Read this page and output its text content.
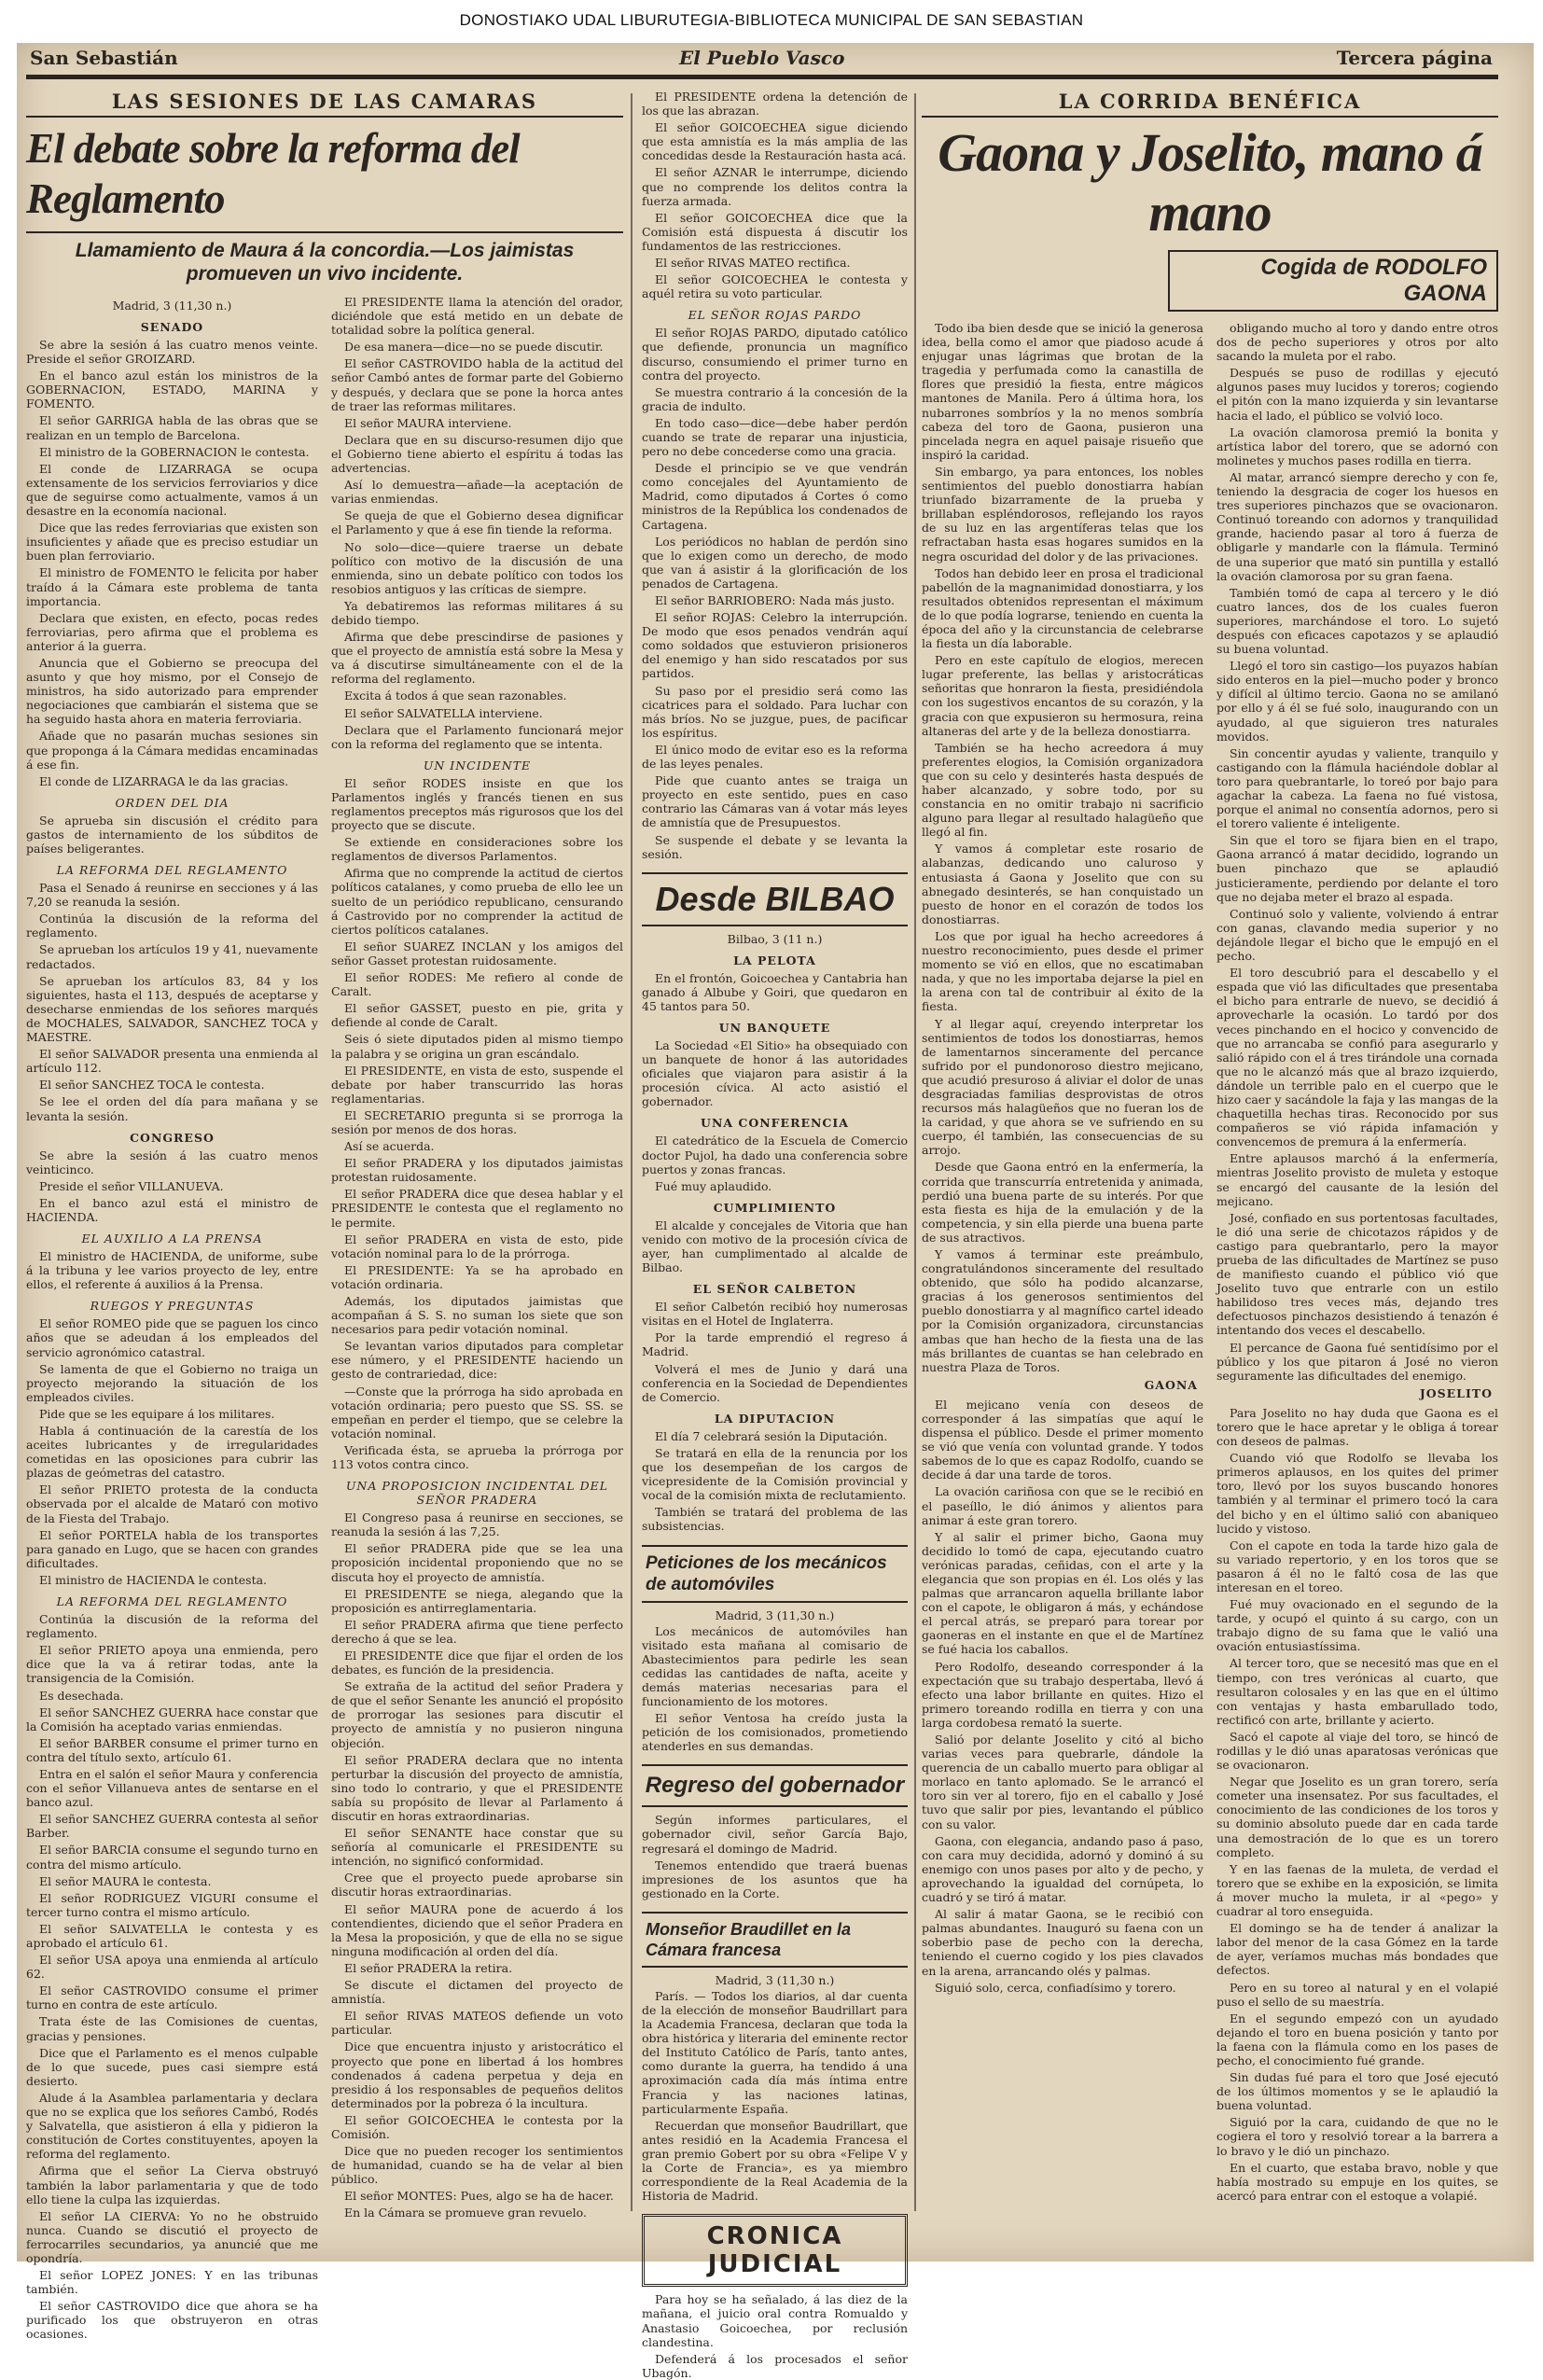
DONOSTIAKO UDAL LIBURUTEGIA-BIBLIOTECA MUNICIPAL DE SAN SEBASTIAN
San Sebastián	El Pueblo Vasco	Tercera página
LAS SESIONES DE LAS CAMARAS
El debate sobre la reforma del Reglamento
Llamamiento de Maura á la concordia.—Los jaimistas promueven un vivo incidente.
Madrid, 3 (11,30 n.)
SENADO

Se abre la sesión á las cuatro menos veinte. Preside el señor GROIZARD.

En el banco azul están los ministros de la GOBERNACION, ESTADO, MARINA y FOMENTO.

El señor GARRIGA habla de las obras que se realizan en un templo de Barcelona.

El ministro de la GOBERNACION le contesta.

El conde de LIZARRAGA se ocupa extensamente de los servicios ferroviarios y dice que de seguirse como actualmente, vamos á un desastre en la economía nacional.

Dice que las redes ferroviarias que existen son insuficientes y añade que es preciso estudiar un buen plan ferroviario.

El ministro de FOMENTO le felicita por haber traído á la Cámara este problema de tanta importancia.

Declara que existen, en efecto, pocas redes ferroviarias, pero afirma que el problema es anterior á la guerra.

Anuncia que el Gobierno se preocupa del asunto y que hoy mismo, por el Consejo de ministros, ha sido autorizado para emprender negociaciones que cambiarán el sistema que se ha seguido hasta ahora en materia ferroviaria.

Añade que no pasarán muchas sesiones sin que proponga á la Cámara medidas encaminadas á ese fin.

El conde de LIZARRAGA le da las gracias.

ORDEN DEL DIA

Se aprueba sin discusión el crédito para gastos de internamiento de los súbditos de países beligerantes.

LA REFORMA DEL REGLAMENTO

Pasa el Senado á reunirse en secciones y á las 7,20 se reanuda la sesión.

Continúa la discusión de la reforma del reglamento.

Se aprueban los artículos 19 y 41, nuevamente redactados.

Se aprueban los artículos 83, 84 y los siguientes, hasta el 113, después de aceptarse y desecharse enmiendas de los señores marqués de MOCHALES, SALVADOR, SANCHEZ TOCA y MAESTRE.

El señor SALVADOR presenta una enmienda al artículo 112.

El señor SANCHEZ TOCA le contesta.

Se lee el orden del día para mañana y se levanta la sesión.

CONGRESO

Se abre la sesión á las cuatro menos veinticinco.

Preside el señor VILLANUEVA.

En el banco azul está el ministro de HACIENDA.

EL AUXILIO A LA PRENSA

El ministro de HACIENDA, de uniforme, sube á la tribuna y lee varios proyecto de ley, entre ellos, el referente á auxilios á la Prensa.

RUEGOS Y PREGUNTAS

El señor ROMEO pide que se paguen los cinco años que se adeudan á los empleados del servicio agronómico catastral.

Se lamenta de que el Gobierno no traiga un proyecto mejorando la situación de los empleados civiles.

Pide que se les equipare á los militares.

Habla á continuación de la carestía de los aceites lubricantes y de irregularidades cometidas en las oposiciones para cubrir las plazas de geómetras del catastro.

El señor PRIETO protesta de la conducta observada por el alcalde de Mataró con motivo de la Fiesta del Trabajo.

El señor PORTELA habla de los transportes para ganado en Lugo, que se hacen con grandes dificultades.

El ministro de HACIENDA le contesta.

LA REFORMA DEL REGLAMENTO

Continúa la discusión de la reforma del reglamento.

El señor PRIETO apoya una enmienda, pero dice que la va á retirar todas, ante la transigencia de la Comisión.

Es desechada.

El señor SANCHEZ GUERRA hace constar que la Comisión ha aceptado varias enmiendas.

El señor BARBER consume el primer turno en contra del título sexto, artículo 61.

Entra en el salón el señor Maura y conferencia con el señor Villanueva antes de sentarse en el banco azul.

El señor SANCHEZ GUERRA contesta al señor Barber.

El señor BARCIA consume el segundo turno en contra del mismo artículo.

El señor MAURA le contesta.

El señor RODRIGUEZ VIGURI consume el tercer turno contra el mismo artículo.

El señor SALVATELLA le contesta y es aprobado el artículo 61.

El señor USA apoya una enmienda al artículo 62.

El señor CASTROVIDO consume el primer turno en contra de este artículo.

Trata éste de las Comisiones de cuentas, gracias y pensiones.

Dice que el Parlamento es el menos culpable de lo que sucede, pues casi siempre está desierto.

Alude á la Asamblea parlamentaria y declara que no se explica que los señores Cambó, Rodés y Salvatella, que asistieron á ella y pidieron la constitución de Cortes constituyentes, apoyen la reforma del reglamento.

Afirma que el señor La Cierva obstruyó también la labor parlamentaria y que de todo ello tiene la culpa las izquierdas.

El señor LA CIERVA: Yo no he obstruido nunca. Cuando se discutió el proyecto de ferrocarriles secundarios, ya anuncié que me opondría.

El señor LOPEZ JONES: Y en las tribunas también.

El señor CASTROVIDO dice que ahora se ha purificado los que obstruyeron en otras ocasiones.

El PRESIDENTE llama la atención del orador, diciéndole que está metido en un debate de totalidad sobre la política general.

De esa manera—dice—no se puede discutir.

El señor CASTROVIDO habla de la actitud del señor Cambó antes de formar parte del Gobierno y después, y declara que se pone la horca antes de traer las reformas militares.

El señor MAURA interviene.

Declara que en su discurso-resumen dijo que el Gobierno tiene abierto el espíritu á todas las advertencias.

Así lo demuestra—añade—la aceptación de varias enmiendas.

Se queja de que el Gobierno desea dignificar el Parlamento y que á ese fin tiende la reforma.

No solo—dice—quiere traerse un debate político con motivo de la discusión de una enmienda, sino un debate político con todos los resobios antiguos y las críticas de siempre.

Ya debatiremos las reformas militares á su debido tiempo.

Afirma que debe prescindirse de pasiones y que el proyecto de amnistía está sobre la Mesa y va á discutirse simultáneamente con el de la reforma del reglamento.

Excita á todos á que sean razonables.

El señor SALVATELLA interviene.

Declara que el Parlamento funcionará mejor con la reforma del reglamento que se intenta.

UN INCIDENTE

El señor RODES insiste en que los Parlamentos inglés y francés tienen en sus reglamentos preceptos más rigurosos que los del proyecto que se discute.

Se extiende en consideraciones sobre los reglamentos de diversos Parlamentos.

Afirma que no comprende la actitud de ciertos políticos catalanes, y como prueba de ello lee un suelto de un periódico republicano, censurando á Castrovido por no comprender la actitud de ciertos políticos catalanes.

El señor SUAREZ INCLAN y los amigos del señor Gasset protestan ruidosamente.

El señor RODES: Me refiero al conde de Caralt.

El señor GASSET, puesto en pie, grita y defiende al conde de Caralt.

Seis ó siete diputados piden al mismo tiempo la palabra y se origina un gran escándalo.

El PRESIDENTE, en vista de esto, suspende el debate por haber transcurrido las horas reglamentarias.

El SECRETARIO pregunta si se prorroga la sesión por menos de dos horas.

Así se acuerda.

El señor PRADERA y los diputados jaimistas protestan ruidosamente.

El señor PRADERA dice que desea hablar y el PRESIDENTE le contesta que el reglamento no le permite.

El señor PRADERA en vista de esto, pide votación nominal para lo de la prórroga.

El PRESIDENTE: Ya se ha aprobado en votación ordinaria.

Además, los diputados jaimistas que acompañan á S. S. no suman los siete que son necesarios para pedir votación nominal.

Se levantan varios diputados para completar ese número, y el PRESIDENTE haciendo un gesto de contrariedad, dice:

—Conste que la prórroga ha sido aprobada en votación ordinaria; pero puesto que SS. SS. se empeñan en perder el tiempo, que se celebre la votación nominal.

Verificada ésta, se aprueba la prórroga por 113 votos contra cinco.

UNA PROPOSICION INCIDENTAL DEL SEÑOR PRADERA

El Congreso pasa á reunirse en secciones, se reanuda la sesión á las 7,25.

El señor PRADERA pide que se lea una proposición incidental proponiendo que no se discuta hoy el proyecto de amnistía.

El PRESIDENTE se niega, alegando que la proposición es antirreglamentaria.

El señor PRADERA afirma que tiene perfecto derecho á que se lea.

El PRESIDENTE dice que fijar el orden de los debates, es función de la presidencia.

Se extraña de la actitud del señor Pradera y de que el señor Senante les anunció el propósito de prorrogar las sesiones para discutir el proyecto de amnistía y no pusieron ninguna objeción.

El señor PRADERA declara que no intenta perturbar la discusión del proyecto de amnistía, sino todo lo contrario, y que el PRESIDENTE sabía su propósito de llevar al Parlamento á discutir en horas extraordinarias.

El señor SENANTE hace constar que su señoría al comunicarle el PRESIDENTE su intención, no significó conformidad.

Cree que el proyecto puede aprobarse sin discutir horas extraordinarias.

El señor MAURA pone de acuerdo á los contendientes, diciendo que el señor Pradera en la Mesa la proposición, y que de ella no se sigue ninguna modificación al orden del día.

El señor PRADERA la retira.

Se discute el dictamen del proyecto de amnistía.

El señor RIVAS MATEOS defiende un voto particular.

Dice que encuentra injusto y aristocrático el proyecto que pone en libertad á los hombres condenados á cadena perpetua y deja en presidio á los responsables de pequeños delitos determinados por la pobreza ó la incultura.

El señor GOICOECHEA le contesta por la Comisión.

Dice que no pueden recoger los sentimientos de humanidad, cuando se ha de velar al bien público.

El señor MONTES: Pues, algo se ha de hacer.

En la Cámara se promueve gran revuelo.

El PRESIDENTE ordena la detención de los que las abrazan.

El señor GOICOECHEA sigue diciendo que esta amnistía es la más amplia de las concedidas desde la Restauración hasta acá.

El señor AZNAR le interrumpe, diciendo que no comprende los delitos contra la fuerza armada.

El señor GOICOECHEA dice que la Comisión está dispuesta á discutir los fundamentos de las restricciones.

El señor RIVAS MATEO rectifica.

El señor GOICOECHEA le contesta y aquél retira su voto particular.

EL SEÑOR ROJAS PARDO

El señor ROJAS PARDO, diputado católico que defiende, pronuncia un magnífico discurso, consumiendo el primer turno en contra del proyecto.

Se muestra contrario á la concesión de la gracia de indulto.

En todo caso—dice—debe haber perdón cuando se trate de reparar una injusticia, pero no debe concederse como una gracia.

Desde el principio se ve que vendrán como concejales del Ayuntamiento de Madrid, como diputados á Cortes ó como ministros de la República los condenados de Cartagena.

Los periódicos no hablan de perdón sino que lo exigen como un derecho, de modo que van á asistir á la glorificación de los penados de Cartagena.

El señor BARRIOBERO: Nada más justo.

El señor ROJAS: Celebro la interrupción. De modo que esos penados vendrán aquí como soldados que estuvieron prisioneros del enemigo y han sido rescatados por sus partidos.

Su paso por el presidio será como las cicatrices para el soldado. Para luchar con más bríos. No se juzgue, pues, de pacificar los espíritus.

El único modo de evitar eso es la reforma de las leyes penales.

Pide que cuanto antes se traiga un proyecto en este sentido, pues en caso contrario las Cámaras van á votar más leyes de amnistía que de Presupuestos.

Se suspende el debate y se levanta la sesión.

Desde BILBAO
Bilbao, 3 (11 n.)
LA PELOTA

En el frontón, Goicoechea y Cantabria han ganado á Albube y Goiri, que quedaron en 45 tantos para 50.

UN BANQUETE

La Sociedad «El Sitio» ha obsequiado con un banquete de honor á las autoridades oficiales que viajaron para asistir á la procesión cívica. Al acto asistió el gobernador.

UNA CONFERENCIA

El catedrático de la Escuela de Comercio doctor Pujol, ha dado una conferencia sobre puertos y zonas francas.

Fué muy aplaudido.

CUMPLIMIENTO

El alcalde y concejales de Vitoria que han venido con motivo de la procesión cívica de ayer, han cumplimentado al alcalde de Bilbao.

EL SEÑOR CALBETON

El señor Calbetón recibió hoy numerosas visitas en el Hotel de Inglaterra.

Por la tarde emprendió el regreso á Madrid.

Volverá el mes de Junio y dará una conferencia en la Sociedad de Dependientes de Comercio.

LA DIPUTACION

El día 7 celebrará sesión la Diputación.

Se tratará en ella de la renuncia por los que los desempeñan de los cargos de vicepresidente de la Comisión provincial y vocal de la comisión mixta de reclutamiento.

También se tratará del problema de las subsistencias.

Peticiones de los mecánicos de automóviles
Madrid, 3 (11,30 n.)

Los mecánicos de automóviles han visitado esta mañana al comisario de Abastecimientos para pedirle les sean cedidas las cantidades de nafta, aceite y demás materias necesarias para el funcionamiento de los motores.

El señor Ventosa ha creído justa la petición de los comisionados, prometiendo atenderles en sus demandas.

Regreso del gobernador

Según informes particulares, el gobernador civil, señor García Bajo, regresará el domingo de Madrid.

Tenemos entendido que traerá buenas impresiones de los asuntos que ha gestionado en la Corte.

Monseñor Braudillet en la Cámara francesa
Madrid, 3 (11,30 n.)

París. — Todos los diarios, al dar cuenta de la elección de monseñor Baudrillart para la Academia Francesa, declaran que toda la obra histórica y literaria del eminente rector del Instituto Católico de París, tanto antes, como durante la guerra, ha tendido á una aproximación cada día más íntima entre Francia y las naciones latinas, particularmente España.

Recuerdan que monseñor Baudrillart, que antes residió en la Academia Francesa el gran premio Gobert por su obra «Felipe V y la Corte de Francia», es ya miembro correspondiente de la Real Academia de la Historia de Madrid.

CRONICA JUDICIAL

Para hoy se ha señalado, á las diez de la mañana, el juicio oral contra Romualdo y Anastasio Goicoechea, por reclusión clandestina.

Defenderá á los procesados el señor Ubagón.

LA CORRIDA BENÉFICA
Gaona y Joselito, mano á mano
Cogida de RODOLFO GAONA

Todo iba bien desde que se inició la generosa idea, bella como el amor que piadoso acude á enjugar unas lágrimas que brotan de la tragedia y perfumada como la canastilla de flores que presidió la fiesta, entre mágicos mantones de Manila. Pero á última hora, los nubarrones sombríos y la no menos sombría cabeza del toro de Gaona, pusieron una pincelada negra en aquel paisaje risueño que inspiró la caridad.

Sin embargo, ya para entonces, los nobles sentimientos del pueblo donostiarra habían triunfado bizarramente de la prueba y brillaban espléndorosos, reflejando los rayos de su luz en las argentíferas telas que los refractaban hasta esas hogares sumidos en la negra oscuridad del dolor y de las privaciones.

Todos han debido leer en prosa el tradicional pabellón de la magnanimidad donostiarra, y los resultados obtenidos representan el máximum de lo que podía lograrse, teniendo en cuenta la época del año y la circunstancia de celebrarse la fiesta un día laborable.

Pero en este capítulo de elogios, merecen lugar preferente, las bellas y aristocráticas señoritas que honraron la fiesta, presidiéndola con los sugestivos encantos de su corazón, y la gracia con que expusieron su hermosura, reina altaneras del arte y de la belleza donostiarra.

También se ha hecho acreedora á muy preferentes elogios, la Comisión organizadora que con su celo y desinterés hasta después de haber alcanzado, y sobre todo, por su constancia en no omitir trabajo ni sacrificio alguno para llegar al resultado halagüeño que llegó al fin.

Y vamos á completar este rosario de alabanzas, dedicando uno caluroso y entusiasta á Gaona y Joselito que con su abnegado desinterés, se han conquistado un puesto de honor en el corazón de todos los donostiarras.

Los que por igual ha hecho acreedores á nuestro reconocimiento, pues desde el primer momento se vió en ellos, que no escatimaban nada, y que no les importaba dejarse la piel en la arena con tal de contribuir al éxito de la fiesta.

Y al llegar aquí, creyendo interpretar los sentimientos de todos los donostiarras, hemos de lamentarnos sinceramente del percance sufrido por el pundonoroso diestro mejicano, que acudió presuroso á aliviar el dolor de unas desgraciadas familias desprovistas de otros recursos más halagüeños que no fueran los de la caridad, y que ahora se ve sufriendo en su cuerpo, él también, las consecuencias de su arrojo.

Desde que Gaona entró en la enfermería, la corrida que transcurría entretenida y animada, perdió una buena parte de su interés. Por que esta fiesta es hija de la emulación y de la competencia, y sin ella pierde una buena parte de sus atractivos.

Y vamos á terminar este preámbulo, congratulándonos sinceramente del resultado obtenido, que sólo ha podido alcanzarse, gracias á los generosos sentimientos del pueblo donostiarra y al magnífico cartel ideado por la Comisión organizadora, circunstancias ambas que han hecho de la fiesta una de las más brillantes de cuantas se han celebrado en nuestra Plaza de Toros.

GAONA

El mejicano venía con deseos de corresponder á las simpatías que aquí le dispensa el público. Desde el primer momento se vió que venía con voluntad grande. Y todos sabemos de lo que es capaz Rodolfo, cuando se decide á dar una tarde de toros.

La ovación cariñosa con que se le recibió en el paseíllo, le dió ánimos y alientos para animar á este gran torero.

Y al salir el primer bicho, Gaona muy decidido lo tomó de capa, ejecutando cuatro verónicas paradas, ceñidas, con el arte y la elegancia que son propias en él. Los olés y las palmas que arrancaron aquella brillante labor con el capote, le obligaron á más, y echándose el percal atrás, se preparó para torear por gaoneras en el instante en que el de Martínez se fué hacia los caballos.

Pero Rodolfo, deseando corresponder á la expectación que su trabajo despertaba, llevó á efecto una labor brillante en quites. Hizo el primero toreando rodilla en tierra y con una larga cordobesa remató la suerte.

Salió por delante Joselito y citó al bicho varias veces para quebrarle, dándole la querencia de un caballo muerto para obligar al morlaco en tanto aplomado. Se le arrancó el toro sin ver al torero, fijo en el caballo y José tuvo que salir por pies, levantando el público con su valor.

Gaona, con elegancia, andando paso á paso, con cara muy decidida, adornó y dominó á su enemigo con unos pases por alto y de pecho, y aprovechando la igualdad del cornúpeta, lo cuadró y se tiró á matar.

Al salir á matar Gaona, se le recibió con palmas abundantes. Inauguró su faena con un soberbio pase de pecho con la derecha, teniendo el cuerno cogido y los pies clavados en la arena, arrancando olés y palmas.

Siguió solo, cerca, confiadísimo y torero.

obligando mucho al toro y dando entre otros dos de pecho superiores y otros por alto sacando la muleta por el rabo.

Después se puso de rodillas y ejecutó algunos pases muy lucidos y toreros; cogiendo el pitón con la mano izquierda y sin levantarse hacia el lado, el público se volvió loco.

La ovación clamorosa premió la bonita y artística labor del torero, que se adornó con molinetes y muchos pases rodilla en tierra.

Al matar, arrancó siempre derecho y con fe, teniendo la desgracia de coger los huesos en tres superiores pinchazos que se ovacionaron. Continuó toreando con adornos y tranquilidad grande, haciendo pasar al toro á fuerza de obligarle y mandarle con la flámula. Terminó de una superior que mató sin puntilla y estalló la ovación clamorosa por su gran faena.

También tomó de capa al tercero y le dió cuatro lances, dos de los cuales fueron superiores, marchándose el toro. Lo sujetó después con eficaces capotazos y se aplaudió su buena voluntad.

Llegó el toro sin castigo—los puyazos habían sido enteros en la piel—mucho poder y bronco y difícil al último tercio. Gaona no se amilanó por ello y á él se fué solo, inaugurando con un ayudado, al que siguieron tres naturales movidos.

Sin concentir ayudas y valiente, tranquilo y castigando con la flámula haciéndole doblar al toro para quebrantarle, lo toreó por bajo para agachar la cabeza. La faena no fué vistosa, porque el animal no consentía adornos, pero si el torero valiente é inteligente.

Sin que el toro se fijara bien en el trapo, Gaona arrancó á matar decidido, logrando un buen pinchazo que se aplaudió justicieramente, perdiendo por delante el toro que no dejaba meter el brazo al espada.

Continuó solo y valiente, volviendo á entrar con ganas, clavando media superior y no dejándole llegar el bicho que le empujó en el pecho.

El toro descubrió para el descabello y el espada que vió las dificultades que presentaba el bicho para entrarle de nuevo, se decidió á aprovecharle la ocasión. Lo tardó por dos veces pinchando en el hocico y convencido de que no arrancaba se confió para asegurarlo y salió rápido con el á tres tirándole una cornada que no le alcanzó más que al brazo izquierdo, dándole un terrible palo en el cuerpo que le hizo caer y sacándole la faja y las mangas de la chaquetilla hechas tiras. Reconocido por sus compañeros se vió rápida infamación y convencemos de premura á la enfermería.

Entre aplausos marchó á la enfermería, mientras Joselito provisto de muleta y estoque se encargó del causante de la lesión del mejicano.

José, confiado en sus portentosas facultades, le dió una serie de chicotazos rápidos y de castigo para quebrantarlo, pero la mayor prueba de las dificultades de Martínez se puso de manifiesto cuando el público vió que Joselito tuvo que entrarle con un estilo habilidoso tres veces más, dejando tres defectuosos pinchazos desistiendo á tenazón é intentando dos veces el descabello.

El percance de Gaona fué sentidísimo por el público y los que pitaron á José no vieron seguramente las dificultades del enemigo.

JOSELITO

Para Joselito no hay duda que Gaona es el torero que le hace apretar y le obliga á torear con deseos de palmas.

Cuando vió que Rodolfo se llevaba los primeros aplausos, en los quites del primer toro, llevó por los suyos buscando honores también y al terminar el primero tocó la cara del bicho y en el último salió con abaniqueo lucido y vistoso.

Con el capote en toda la tarde hizo gala de su variado repertorio, y en los toros que se pasaron á él no le faltó cosa de las que interesan en el toreo.

Fué muy ovacionado en el segundo de la tarde, y ocupó el quinto á su cargo, con un trabajo digno de su fama que le valió una ovación entusiastíssima.

Al tercer toro, que se necesitó mas que en el tiempo, con tres verónicas al cuarto, que resultaron colosales y en las que en el último con ventajas y hasta embarullado todo, rectificó con arte, brillante y acierto.

Sacó el capote al viaje del toro, se hincó de rodillas y le dió unas aparatosas verónicas que se ovacionaron.

Negar que Joselito es un gran torero, sería cometer una insensatez. Por sus facultades, el conocimiento de las condiciones de los toros y su dominio absoluto puede dar en cada tarde una demostración de lo que es un torero completo.

Y en las faenas de la muleta, de verdad el torero que se exhibe en la exposición, se limita á mover mucho la muleta, ir al «pego» y cuadrar al toro enseguida.

El domingo se ha de tender á analizar la labor del menor de la casa Gómez en la tarde de ayer, veríamos muchas más bondades que defectos.

Pero en su toreo al natural y en el volapié puso el sello de su maestría.

En el segundo empezó con un ayudado dejando el toro en buena posición y tanto por la faena con la flámula como en los pases de pecho, el conocimiento fué grande.

Sin dudas fué para el toro que José ejecutó de los últimos momentos y se le aplaudió la buena voluntad.

Siguió por la cara, cuidando de que no le cogiera el toro y resolvió torear a la barrera a lo bravo y le dió un pinchazo.

En el cuarto, que estaba bravo, noble y que había mostrado su empuje en los quites, se acercó para entrar con el estoque a volapié.
